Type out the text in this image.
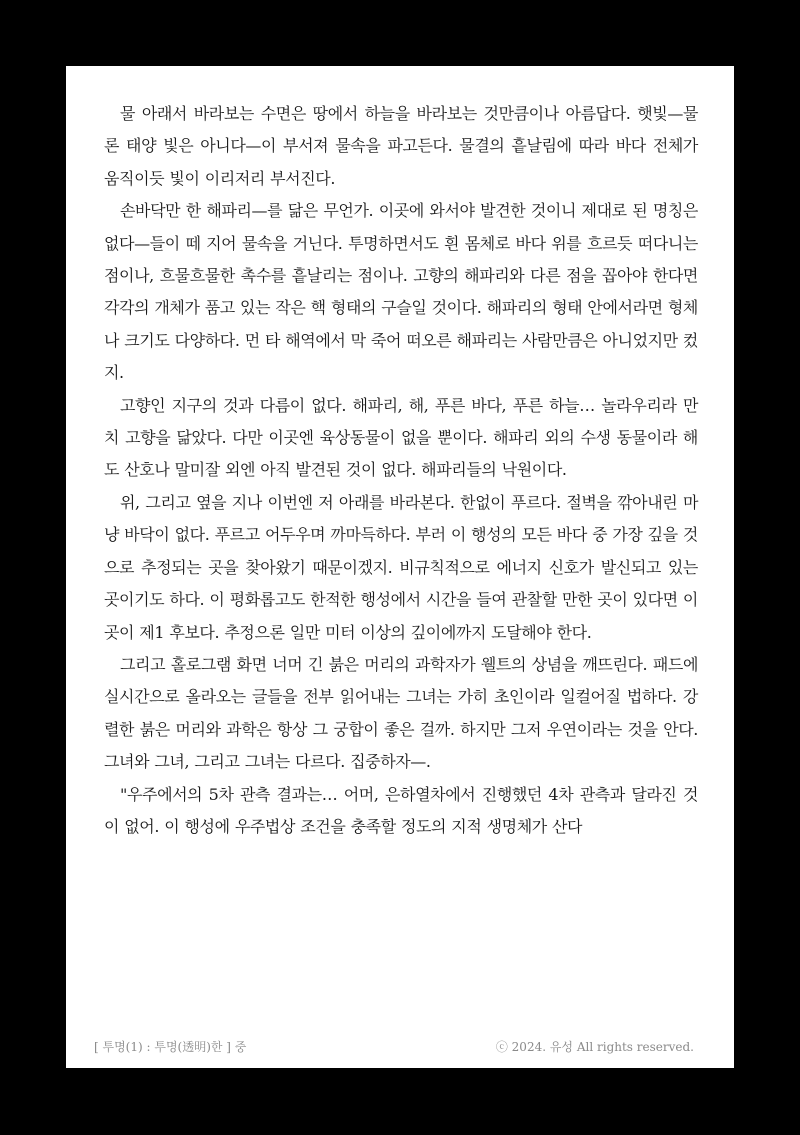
물 아래서 바라보는 수면은 땅에서 하늘을 바라보는 것만큼이나 아름답다. 햇빛—물론 태양 빛은 아니다—이 부서져 물속을 파고든다. 물결의 흩날림에 따라 바다 전체가 움직이듯 빛이 이리저리 부서진다.

손바닥만 한 해파리—를 닮은 무언가. 이곳에 와서야 발견한 것이니 제대로 된 명칭은 없다—들이 떼 지어 물속을 거닌다. 투명하면서도 흰 몸체로 바다 위를 흐르듯 떠다니는 점이나, 흐물흐물한 촉수를 흩날리는 점이나. 고향의 해파리와 다른 점을 꼽아야 한다면 각각의 개체가 품고 있는 작은 핵 형태의 구슬일 것이다. 해파리의 형태 안에서라면 형체나 크기도 다양하다. 먼 타 해역에서 막 죽어 떠오른 해파리는 사람만큼은 아니었지만 컸지.

고향인 지구의 것과 다름이 없다. 해파리, 해, 푸른 바다, 푸른 하늘… 놀라우리라 만치 고향을 닮았다. 다만 이곳엔 육상동물이 없을 뿐이다. 해파리 외의 수생 동물이라 해도 산호나 말미잘 외엔 아직 발견된 것이 없다. 해파리들의 낙원이다.

위, 그리고 옆을 지나 이번엔 저 아래를 바라본다. 한없이 푸르다. 절벽을 깎아내린 마냥 바닥이 없다. 푸르고 어두우며 까마득하다. 부러 이 행성의 모든 바다 중 가장 깊을 것으로 추정되는 곳을 찾아왔기 때문이겠지. 비규칙적으로 에너지 신호가 발신되고 있는 곳이기도 하다. 이 평화롭고도 한적한 행성에서 시간을 들여 관찰할 만한 곳이 있다면 이곳이 제1 후보다. 추정으론 일만 미터 이상의 깊이에까지 도달해야 한다.

그리고 홀로그램 화면 너머 긴 붉은 머리의 과학자가 웰트의 상념을 깨뜨린다. 패드에 실시간으로 올라오는 글들을 전부 읽어내는 그녀는 가히 초인이라 일컬어질 법하다. 강렬한 붉은 머리와 과학은 항상 그 궁합이 좋은 걸까. 하지만 그저 우연이라는 것을 안다. 그녀와 그녀, 그리고 그녀는 다르다. 집중하자—.

"우주에서의 5차 관측 결과는… 어머, 은하열차에서 진행했던 4차 관측과 달라진 것이 없어. 이 행성에 우주법상 조건을 충족할 정도의 지적 생명체가 산다

[ 투명(1) : 투명(透明)한 ] 중	ⓒ 2024. 유성 All rights reserved.
